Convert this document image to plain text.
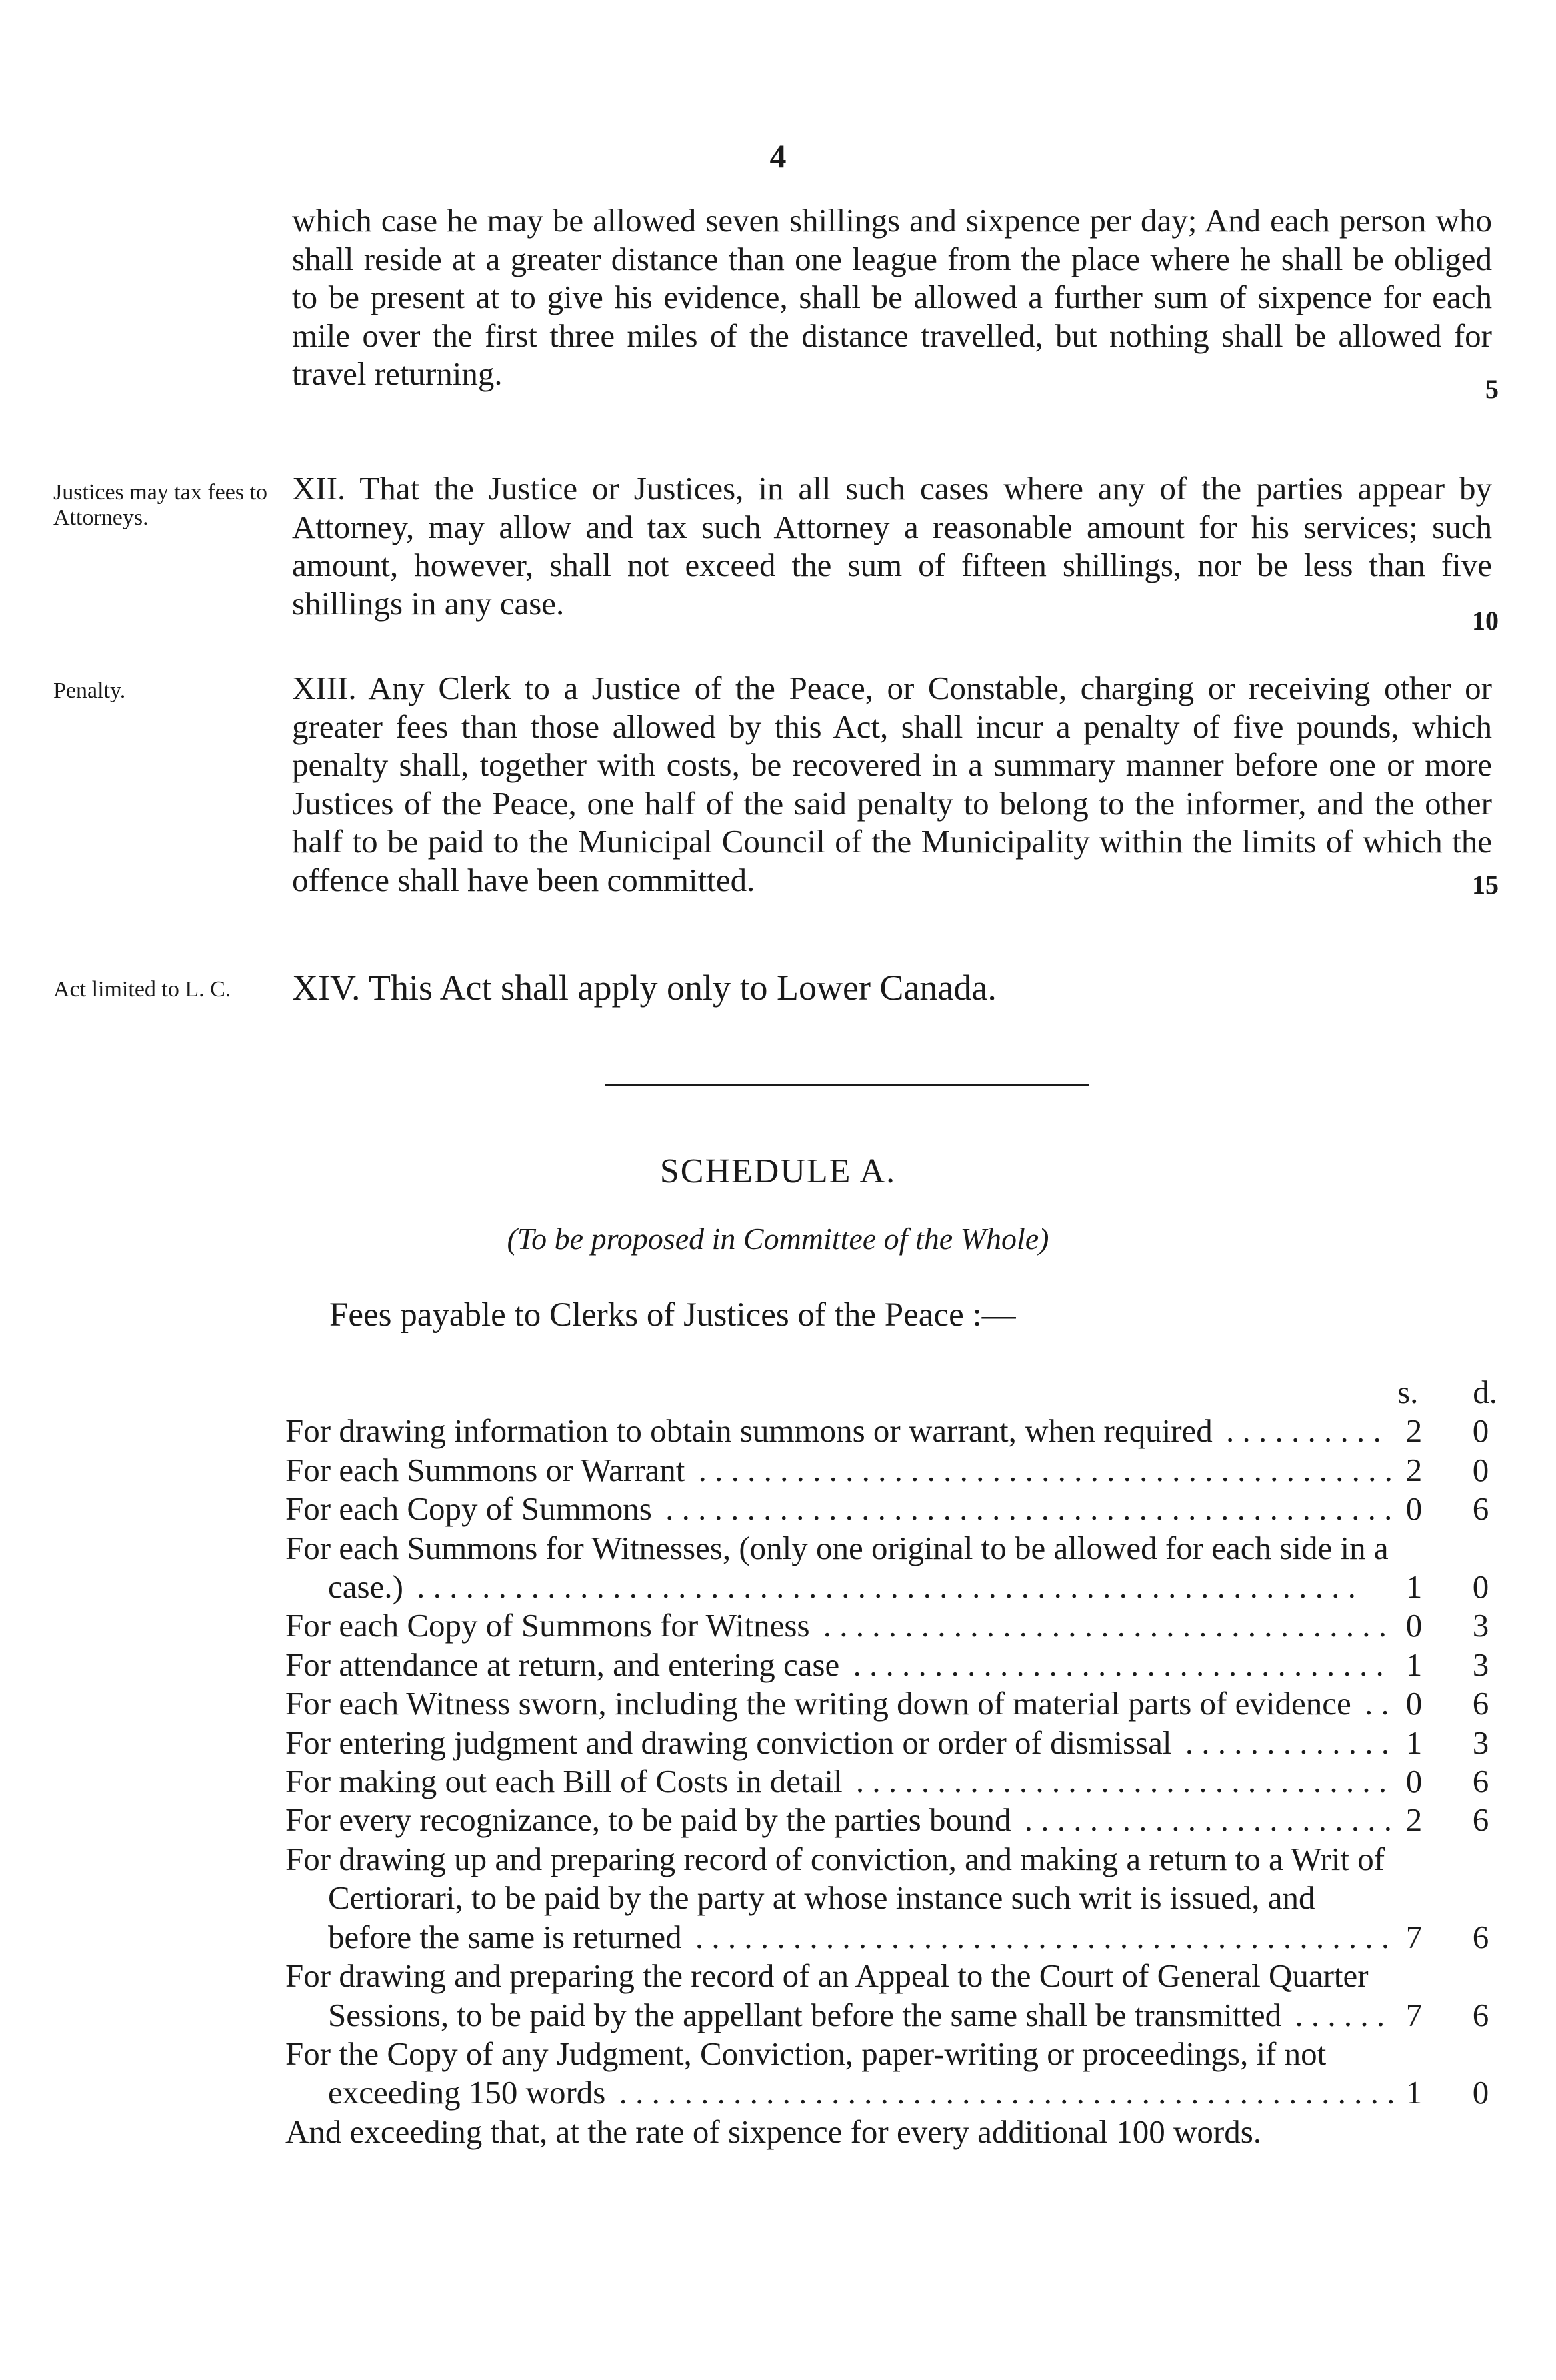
4

which case he may be allowed seven shillings and sixpence per day; And each person who shall reside at a greater distance than one league from the place where he shall be obliged to be present at to give his evidence, shall be allowed a further sum of sixpence for each mile over the first three miles of the distance travelled, but nothing shall be allowed for travel returning.	5
Justices may tax fees to Attorneys.

XII. That the Justice or Justices, in all such cases where any of the parties appear by Attorney, may allow and tax such Attorney a reasonable amount for his services; such amount, however, shall not exceed the sum of fifteen shillings, nor be less than five shillings in any case.	10
Penalty.	XIII. Any Clerk to a Justice of the Peace, or Constable, charging or receiving other or greater fees than those allowed by this Act, shall incur a penalty of five pounds, which penalty shall, together with costs, be recovered in a summary manner before one or more Justices of the Peace, one half of the said penalty to belong to the informer, and the other half to be paid to the Municipal Council of the Municipality within the limits of which the offence shall have been committed.	15
Act limited to L. C.	XIV. This Act shall apply only to Lower Canada.

SCHEDULE A.
(To be proposed in Committee of the Whole)
Fees payable to Clerks of Justices of the Peace :—
s. d.
For drawing information to obtain summons or warrant, when required . . . . . . . . . . 2 0
For each Summons or Warrant . . . . . . . . . . . . . . . . . . . . . . . . . . . . . . . . . . . . . . . . . . . 2 0
For each Copy of Summons . . . . . . . . . . . . . . . . . . . . . . . . . . . . . . . . . . . . . . . . . . . . . 0 6
For each Summons for Witnesses, (only one original to be allowed for each side in a case.) . . . . . . . . . . . . . . . . . . . . . . . . . . . . . . . . . . . . . . . . . . . . . . . . . . . . . . . . . .	1 0
For each Copy of Summons for Witness . . . . . . . . . . . . . . . . . . . . . . . . . . . . . . . . . . . 0 3
For attendance at return, and entering case . . . . . . . . . . . . . . . . . . . . . . . . . . . . . . . . . 1 3
For each Witness sworn, including the writing down of material parts of evidence . . 0 6
For entering judgment and drawing conviction or order of dismissal . . . . . . . . . . . . . 1 3
For making out each Bill of Costs in detail . . . . . . . . . . . . . . . . . . . . . . . . . . . . . . . . . 0 6
For every recognizance, to be paid by the parties bound . . . . . . . . . . . . . . . . . . . . . . . 2 6
For drawing up and preparing record of conviction, and making a return to a Writ of Certiorari, to be paid by the party at whose instance such writ is issued, and before the same is returned . . . . . . . . . . . . . . . . . . . . . . . . . . . . . . . . . . . . . . . . . . . 7 6
For drawing and preparing the record of an Appeal to the Court of General Quarter Sessions, to be paid by the appellant before the same shall be transmitted . . . . . . 7 6
For the Copy of any Judgment, Conviction, paper-writing or proceedings, if not exceeding 150 words . . . . . . . . . . . . . . . . . . . . . . . . . . . . . . . . . . . . . . . . . . . . . . . . 1 0
And exceeding that, at the rate of sixpence for every additional 100 words.
